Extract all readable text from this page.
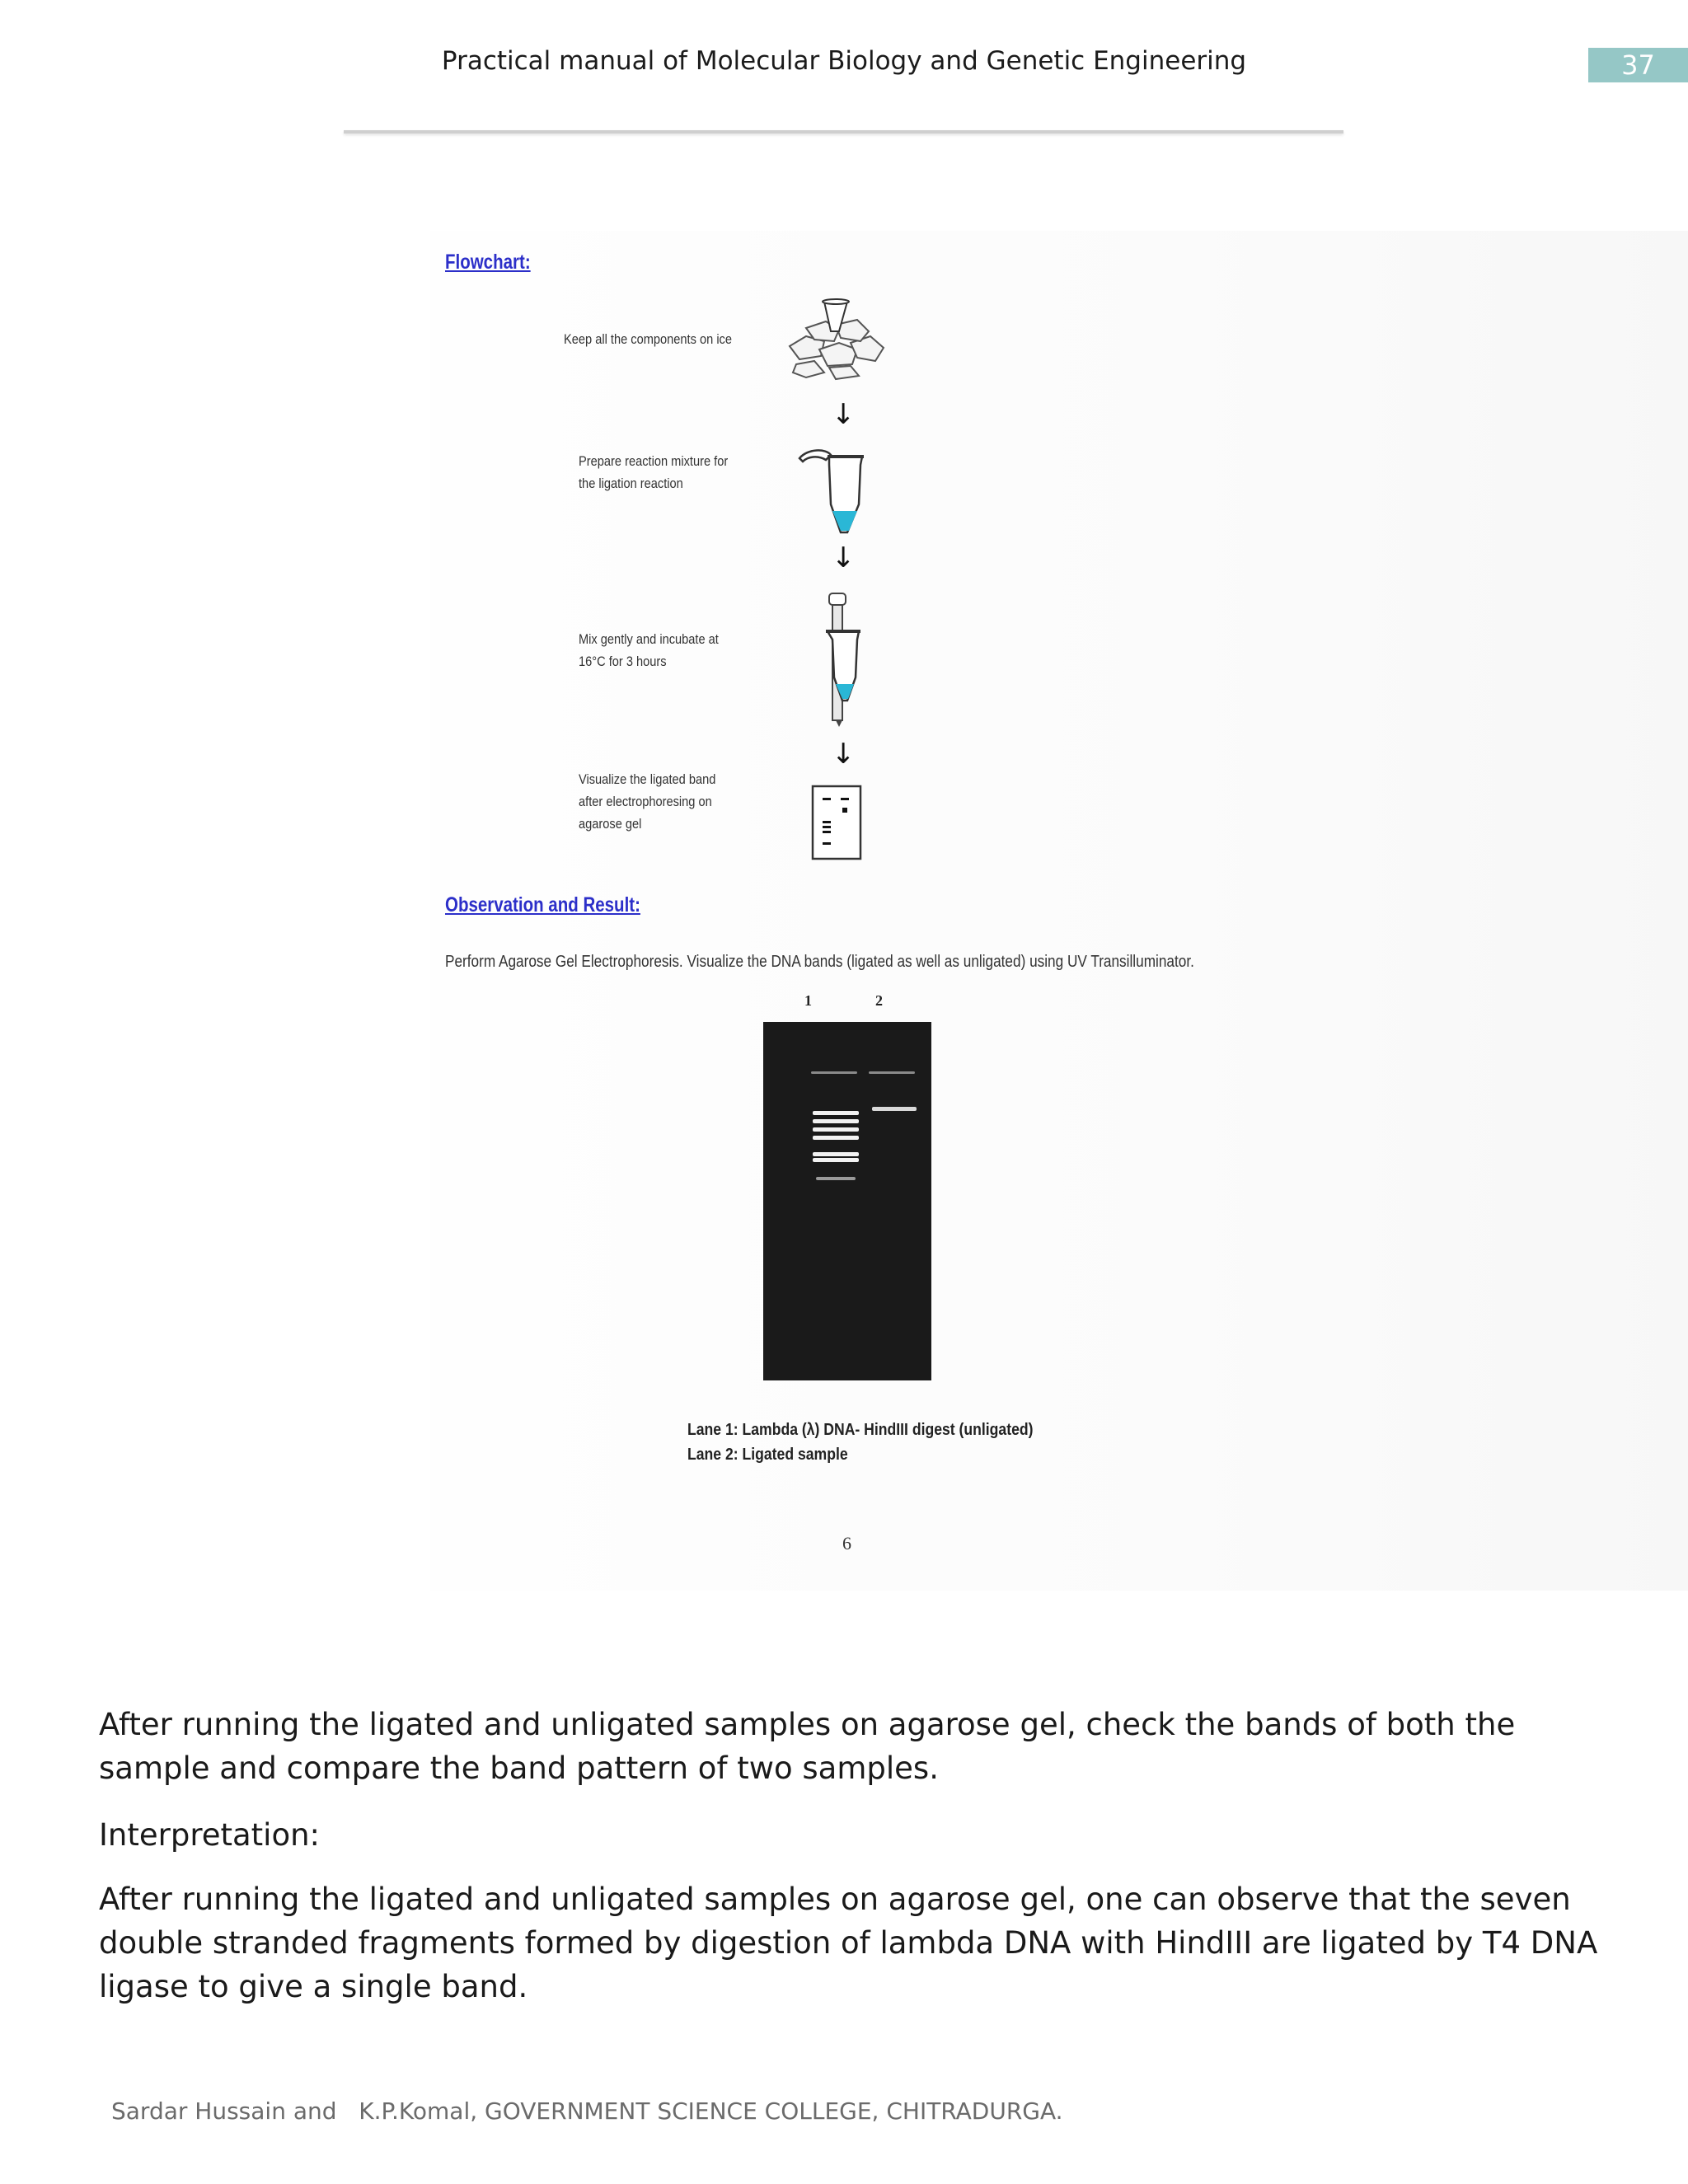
Practical manual of Molecular Biology and Genetic Engineering	37
Flowchart:
Keep all the components on ice
↓
Prepare reaction mixture for
the ligation reaction
↓
Mix gently and incubate at
16°C for 3 hours
↓
Visualize the ligated band
after electrophoresing on
agarose gel
Observation and Result:
Perform Agarose Gel Electrophoresis. Visualize the DNA bands (ligated as well as unligated) using UV Transilluminator.
1	2
Lane 1: Lambda (λ) DNA- HindIII digest (unligated)
Lane 2: Ligated sample
6
After running the ligated and unligated samples on agarose gel, check the bands of both the sample and compare the band pattern of two samples.
Interpretation:
After running the ligated and unligated samples on agarose gel, one can observe that the seven double stranded fragments formed by digestion of lambda DNA with HindIII are ligated by T4 DNA ligase to give a single band.
Sardar Hussain and   K.P.Komal, GOVERNMENT SCIENCE COLLEGE, CHITRADURGA.
